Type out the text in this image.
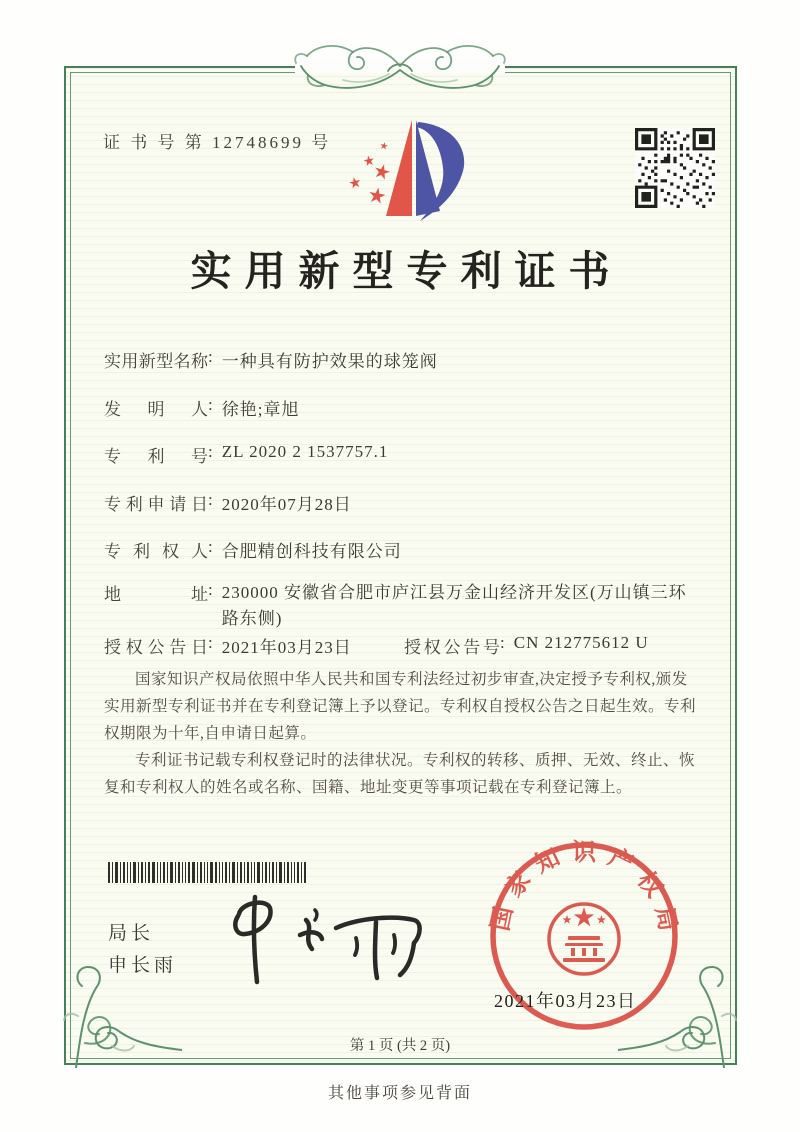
证 书 号 第 12748699 号
实用新型专利证书
实用新型名称: 一种具有防护效果的球笼阀
发明人: 徐艳;章旭
专利号: ZL 2020 2 1537757.1
专利申请日: 2020年07月28日
专利权人: 合肥精创科技有限公司
地址: 230000 安徽省合肥市庐江县万金山经济开发区(万山镇三环路东侧)
授权公告日: 2021年03月23日	授权公告号: CN 212775612 U
国家知识产权局依照中华人民共和国专利法经过初步审查,决定授予专利权,颁发实用新型专利证书并在专利登记簿上予以登记。专利权自授权公告之日起生效。专利权期限为十年,自申请日起算。
专利证书记载专利权登记时的法律状况。专利权的转移、质押、无效、终止、恢复和专利权人的姓名或名称、国籍、地址变更等事项记载在专利登记簿上。
局长
申长雨
国
家
知 识 产
权
局
2021年03月23日
第 1 页 (共 2 页)
其他事项参见背面
